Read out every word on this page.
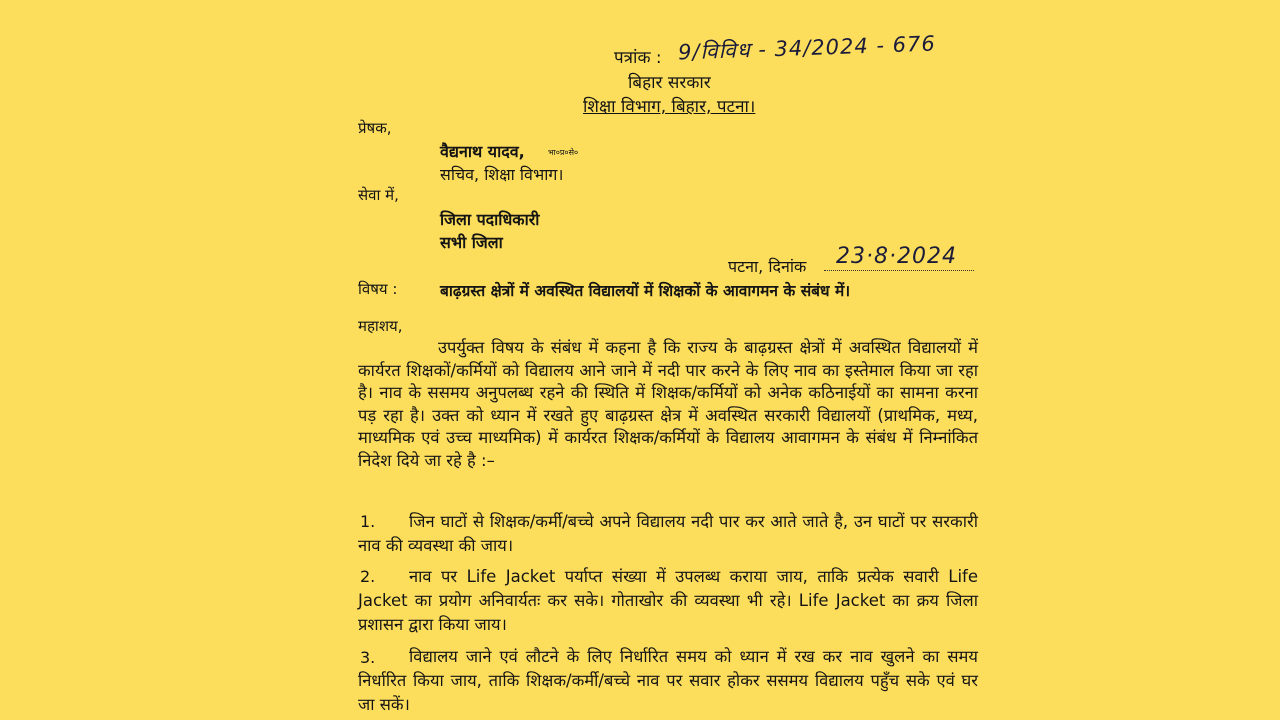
पत्रांक : 9/विविध - 34/2024 - 676
बिहार सरकार
शिक्षा विभाग, बिहार, पटना।
प्रेषक,
वैद्यनाथ यादव,	भा०प्र०से०
सचिव, शिक्षा विभाग।
सेवा में,
जिला पदाधिकारी
सभी जिला
पटना, दिनांक 23·8·2024
विषय :	बाढ़ग्रस्त क्षेत्रों में अवस्थित विद्यालयों में शिक्षकों के आवागमन के संबंध में।
महाशय,
उपर्युक्त विषय के संबंध में कहना है कि राज्य के बाढ़ग्रस्त क्षेत्रों में अवस्थित विद्यालयों में कार्यरत शिक्षकों/कर्मियों को विद्यालय आने जाने में नदी पार करने के लिए नाव का इस्तेमाल किया जा रहा है। नाव के ससमय अनुपलब्ध रहने की स्थिति में शिक्षक/कर्मियों को अनेक कठिनाईयों का सामना करना पड़ रहा है। उक्त को ध्यान में रखते हुए बाढ़ग्रस्त क्षेत्र में अवस्थित सरकारी विद्यालयों (प्राथमिक, मध्य, माध्यमिक एवं उच्च माध्यमिक) में कार्यरत शिक्षक/कर्मियों के विद्यालय आवागमन के संबंध में निम्नांकित निदेश दिये जा रहे है :–
1.	जिन घाटों से शिक्षक/कर्मी/बच्चे अपने विद्यालय नदी पार कर आते जाते है, उन घाटों पर सरकारी नाव की व्यवस्था की जाय।
2.	नाव पर Life Jacket पर्याप्त संख्या में उपलब्ध कराया जाय, ताकि प्रत्येक सवारी Life Jacket का प्रयोग अनिवार्यतः कर सके। गोताखोर की व्यवस्था भी रहे। Life Jacket का क्रय जिला प्रशासन द्वारा किया जाय।
3.	विद्यालय जाने एवं लौटने के लिए निर्धारित समय को ध्यान में रख कर नाव खुलने का समय निर्धारित किया जाय, ताकि शिक्षक/कर्मी/बच्चे नाव पर सवार होकर ससमय विद्यालय पहुँच सके एवं घर जा सकें।
